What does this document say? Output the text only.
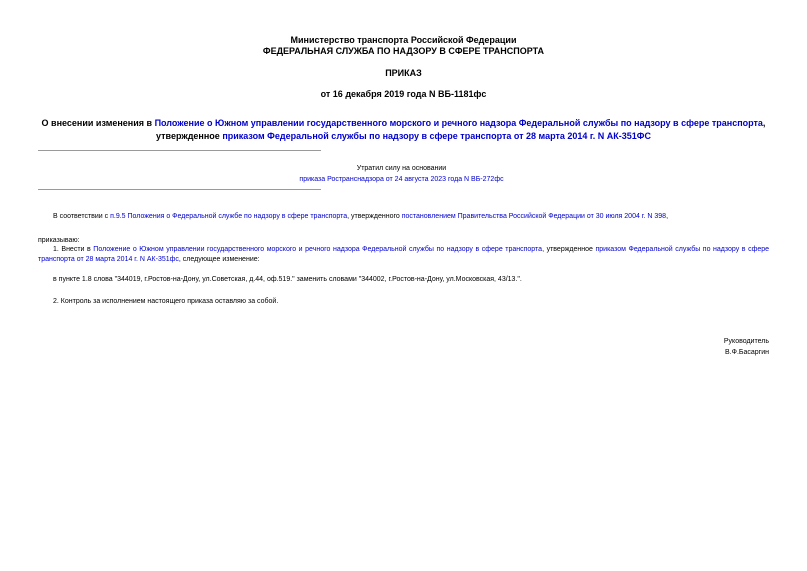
Министерство транспорта Российской Федерации
ФЕДЕРАЛЬНАЯ СЛУЖБА ПО НАДЗОРУ В СФЕРЕ ТРАНСПОРТА
ПРИКАЗ
от 16 декабря 2019 года N ВБ-1181фс
О внесении изменения в Положение о Южном управлении государственного морского и речного надзора Федеральной службы по надзору в сфере транспорта, утвержденное приказом Федеральной службы по надзору в сфере транспорта от 28 марта 2014 г. N АК-351ФС
Утратил силу на основании
приказа Ространснадзора от 24 августа 2023 года N ВБ-272фс
В соответствии с п.9.5 Положения о Федеральной службе по надзору в сфере транспорта, утвержденного постановлением Правительства Российской Федерации от 30 июля 2004 г. N 398,
приказываю:
1. Внести в Положение о Южном управлении государственного морского и речного надзора Федеральной службы по надзору в сфере транспорта, утвержденное приказом Федеральной службы по надзору в сфере транспорта от 28 марта 2014 г. N АК-351фс, следующее изменение:
в пункте 1.8 слова "344019, г.Ростов-на-Дону, ул.Советская, д.44, оф.519." заменить словами "344002, г.Ростов-на-Дону, ул.Московская, 43/13.".
2. Контроль за исполнением настоящего приказа оставляю за собой.
Руководитель
В.Ф.Басаргин
